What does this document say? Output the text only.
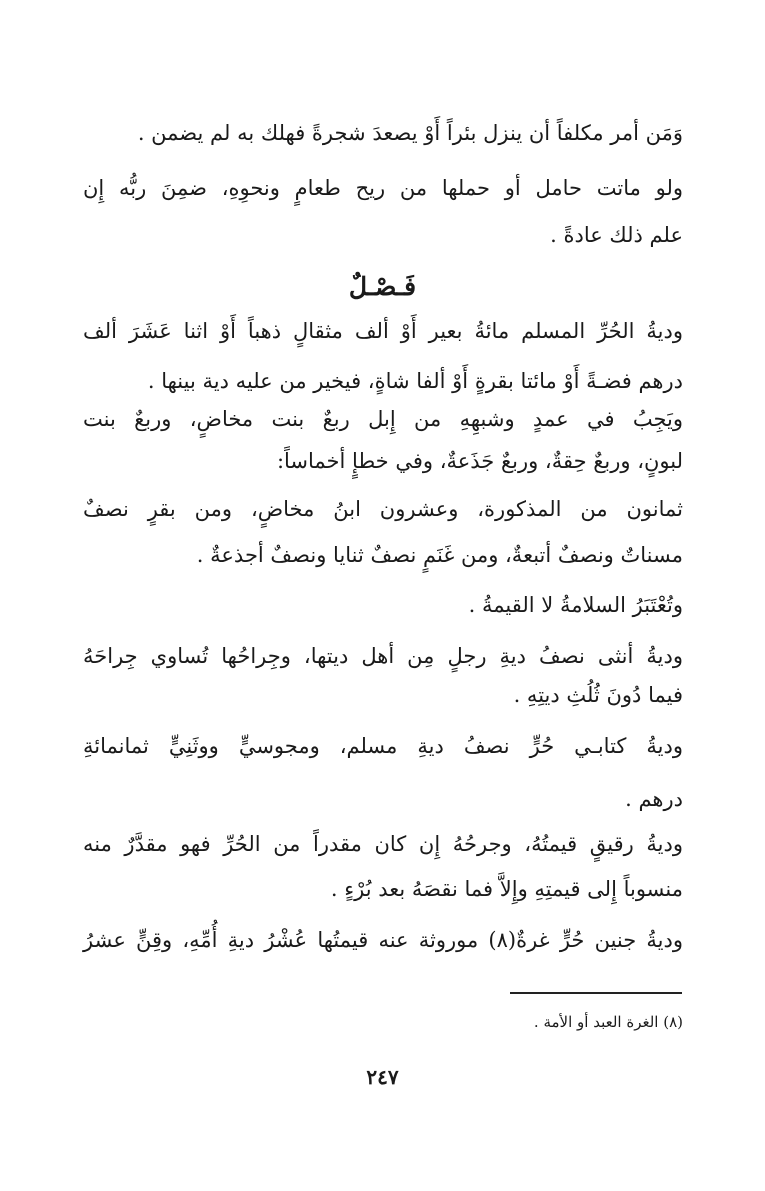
وَمَن أمر مكلفاً أن ينزل بئراً أَوْ يصعدَ شجرةً فهلك به لم يضمن .
ولو ماتت حامل أو حملها من ريح طعامٍ ونحوِهِ، ضمِنَ ربُّه إِن
علم ذلك عادةً .
فَـصْـلٌ
وديةُ الحُرِّ المسلم مائةُ بعير أَوْ ألف مثقالٍ ذهباً أَوْ اثنا عَشَرَ ألف
درهم فضـةً أَوْ مائتا بقرةٍ أَوْ ألفا شاةٍ، فيخير من عليه دية بينها .
ويَجِبُ في عمدٍ وشبهِهِ من إِبل ربعٌ بنت مخاضٍ، وربعٌ بنت
لبونٍ، وربعٌ حِقةٌ، وربعٌ جَذَعةٌ، وفي خطإٍ أخماساً:
ثمانون من المذكورة، وعشرون ابنُ مخاضٍ، ومن بقرٍ نصفٌ
مسناتٌ ونصفٌ أتبعةٌ، ومن غَنَمٍ نصفٌ ثنايا ونصفٌ أجذعةٌ .
وتُعْتَبَرُ السلامةُ لا القيمةُ .
وديةُ أنثى نصفُ ديةِ رجلٍ مِن أهل ديتها، وجِراحُها تُساوي جِراحَهُ
فيما دُونَ ثُلُثِ ديتِهِ .
وديةُ كتابـي حُرٍّ نصفُ ديةِ مسلم، ومجوسيٍّ ووثَنِيٍّ ثمانمائةِ
درهم .
وديةُ رقيقٍ قيمتُهُ، وجرحُهُ إِن كان مقدراً من الحُرِّ فهو مقدَّرٌ منه
منسوباً إِلى قيمتِهِ وإِلاَّ فما نقصَهُ بعد بُرْءٍ .
وديةُ جنين حُرٍّ غرةٌ(٨) موروثة عنه قيمتُها عُشْرُ ديةِ أُمِّهِ، وقِنٍّ عشرُ
(٨) الغرة العبد أو الأمة .
٢٤٧
